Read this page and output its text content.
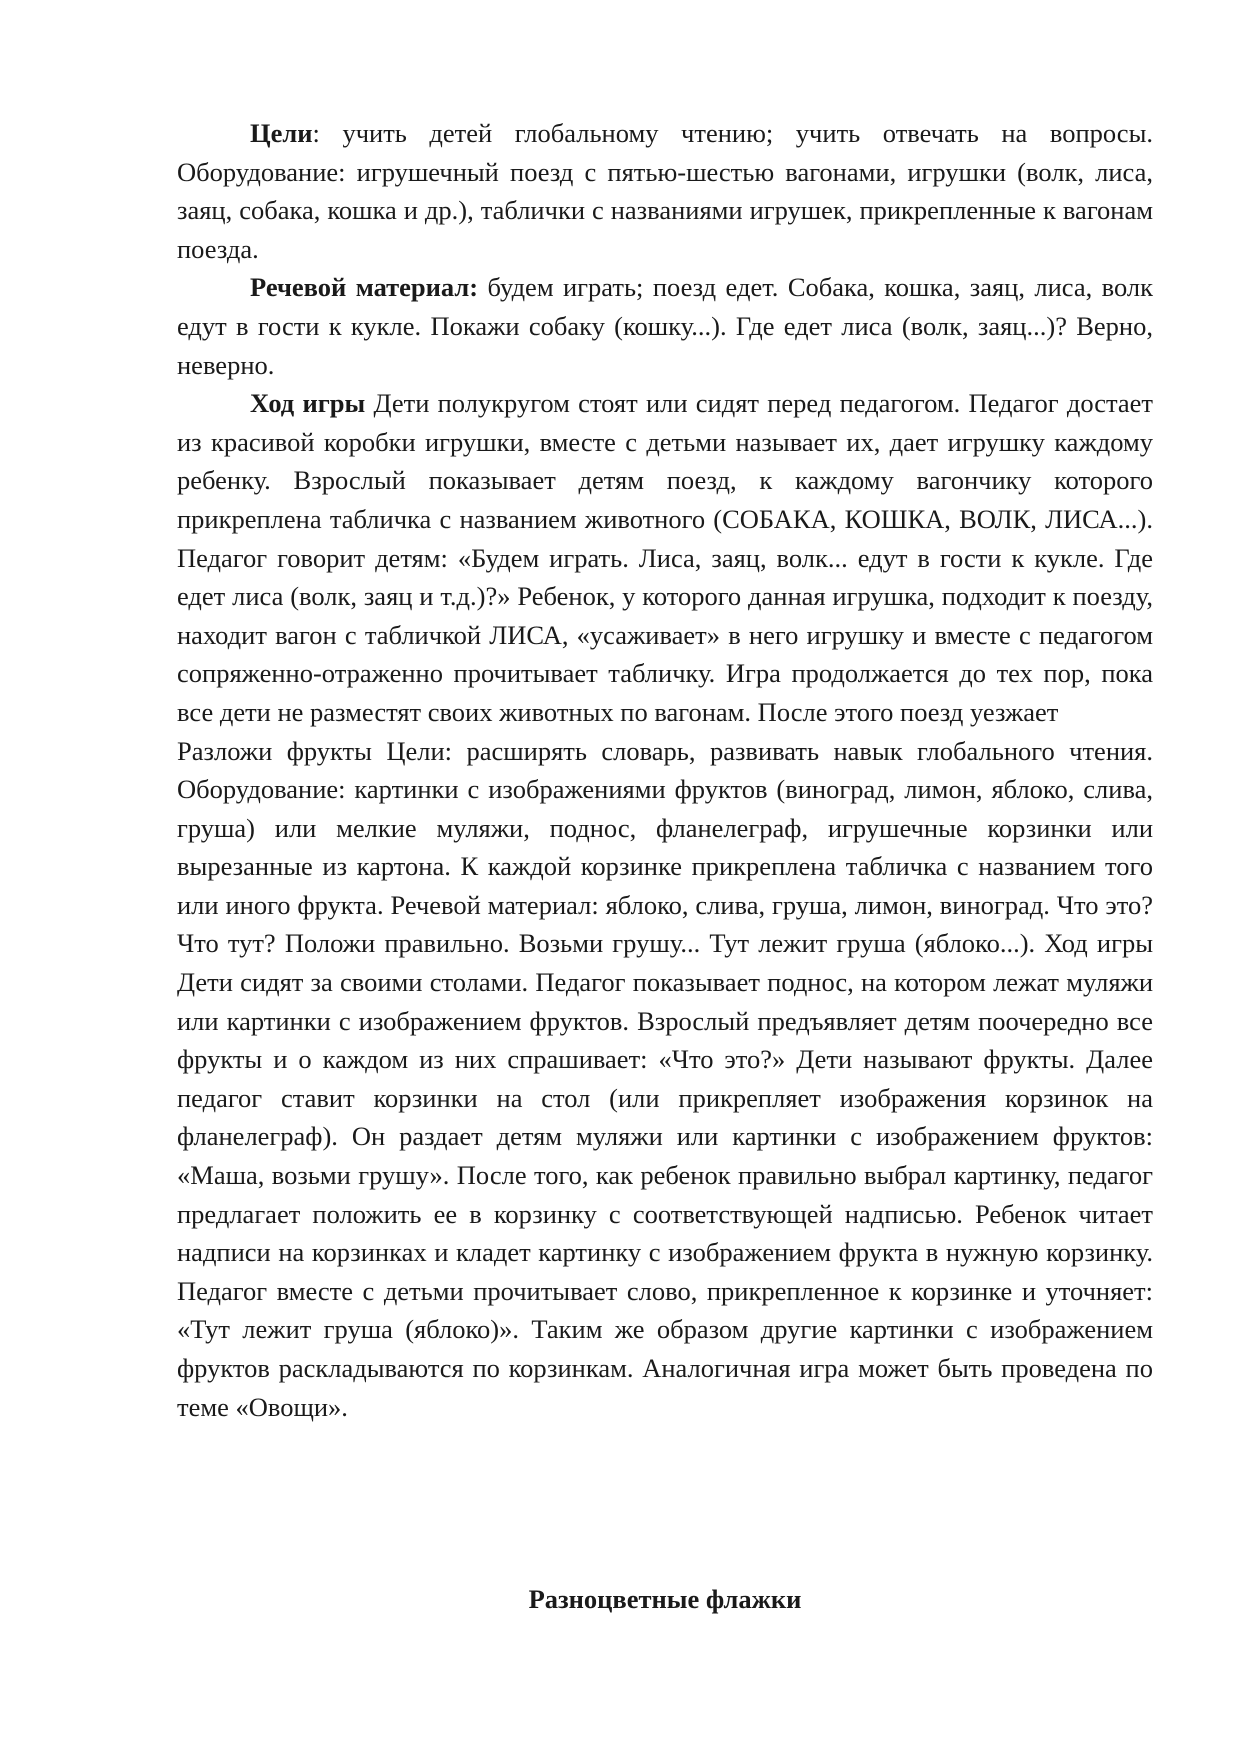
Цели: учить детей глобальному чтению; учить отвечать на вопросы. Оборудование: игрушечный поезд с пятью-шестью вагонами, игрушки (волк, лиса, заяц, собака, кошка и др.), таблички с названиями игрушек, прикрепленные к вагонам поезда.

Речевой материал: будем играть; поезд едет. Собака, кошка, заяц, лиса, волк едут в гости к кукле. Покажи собаку (кошку...). Где едет лиса (волк, заяц...)? Верно, неверно.

Ход игры Дети полукругом стоят или сидят перед педагогом. Педагог достает из красивой коробки игрушки, вместе с детьми называет их, дает игрушку каждому ребенку. Взрослый показывает детям поезд, к каждому вагончику которого прикреплена табличка с названием животного (СОБАКА, КОШКА, ВОЛК, ЛИСА...). Педагог говорит детям: «Будем играть. Лиса, заяц, волк... едут в гости к кукле. Где едет лиса (волк, заяц и т.д.)?» Ребенок, у которого данная игрушка, подходит к поезду, находит вагон с табличкой ЛИСА, «усаживает» в него игрушку и вместе с педагогом сопряженно-отраженно прочитывает табличку. Игра продолжается до тех пор, пока все дети не разместят своих животных по вагонам. После этого поезд уезжает

Разложи фрукты Цели: расширять словарь, развивать навык глобального чтения. Оборудование: картинки с изображениями фруктов (виноград, лимон, яблоко, слива, груша) или мелкие муляжи, поднос, фланелеграф, игрушечные корзинки или вырезанные из картона. К каждой корзинке прикреплена табличка с названием того или иного фрукта. Речевой материал: яблоко, слива, груша, лимон, виноград. Что это? Что тут? Положи правильно. Возьми грушу... Тут лежит груша (яблоко...). Ход игры Дети сидят за своими столами. Педагог показывает поднос, на котором лежат муляжи или картинки с изображением фруктов. Взрослый предъявляет детям поочередно все фрукты и о каждом из них спрашивает: «Что это?» Дети называют фрукты. Далее педагог ставит корзинки на стол (или прикрепляет изображения корзинок на фланелеграф). Он раздает детям муляжи или картинки с изображением фруктов: «Маша, возьми грушу». После того, как ребенок правильно выбрал картинку, педагог предлагает положить ее в корзинку с соответствующей надписью. Ребенок читает надписи на корзинках и кладет картинку с изображением фрукта в нужную корзинку. Педагог вместе с детьми прочитывает слово, прикрепленное к корзинке и уточняет: «Тут лежит груша (яблоко)». Таким же образом другие картинки с изображением фруктов раскладываются по корзинкам. Аналогичная игра может быть проведена по теме «Овощи».

Разноцветные флажки
